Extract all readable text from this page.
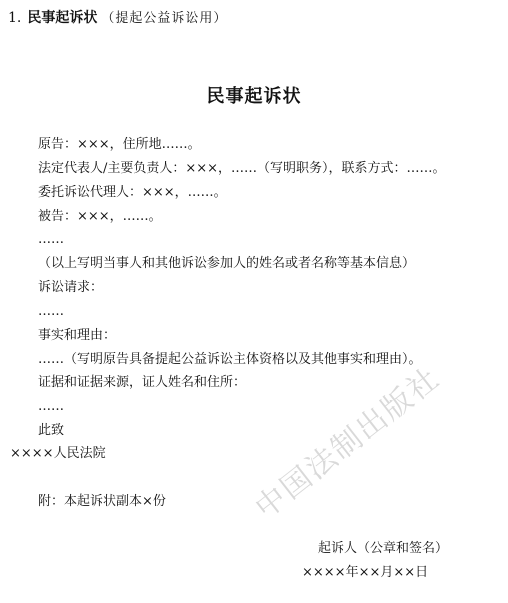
1. 民事起诉状 （提起公益诉讼用）
民事起诉状
原告：×××，住所地……。
法定代表人/主要负责人：×××，……（写明职务），联系方式：……。
委托诉讼代理人：×××，……。
被告：×××，……。
……
（以上写明当事人和其他诉讼参加人的姓名或者名称等基本信息）
诉讼请求：
……
事实和理由：
……（写明原告具备提起公益诉讼主体资格以及其他事实和理由）。
证据和证据来源，证人姓名和住所：
……
此致
××××人民法院
附：本起诉状副本×份
起诉人（公章和签名）
××××年××月××日
中国法制出版社
